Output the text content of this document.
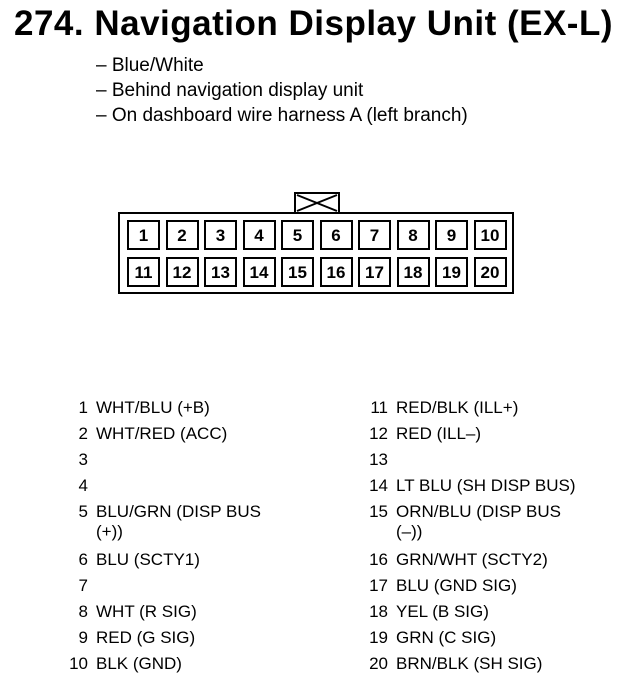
274. Navigation Display Unit (EX-L)
– Blue/White
– Behind navigation display unit
– On dashboard wire harness A (left branch)
1	2	3	4	5	6	7	8	9	10
11	12	13	14	15	16	17	18	19	20
1 WHT/BLU (+B)
2 WHT/RED (ACC)
3
4
5 BLU/GRN (DISP BUS
(+))
6 BLU (SCTY1)
7
8 WHT (R SIG)
9 RED (G SIG)
10 BLK (GND)
11 RED/BLK (ILL+)
12 RED (ILL–)
13
14 LT BLU (SH DISP BUS)
15 ORN/BLU (DISP BUS
(–))
16 GRN/WHT (SCTY2)
17 BLU (GND SIG)
18 YEL (B SIG)
19 GRN (C SIG)
20 BRN/BLK (SH SIG)
